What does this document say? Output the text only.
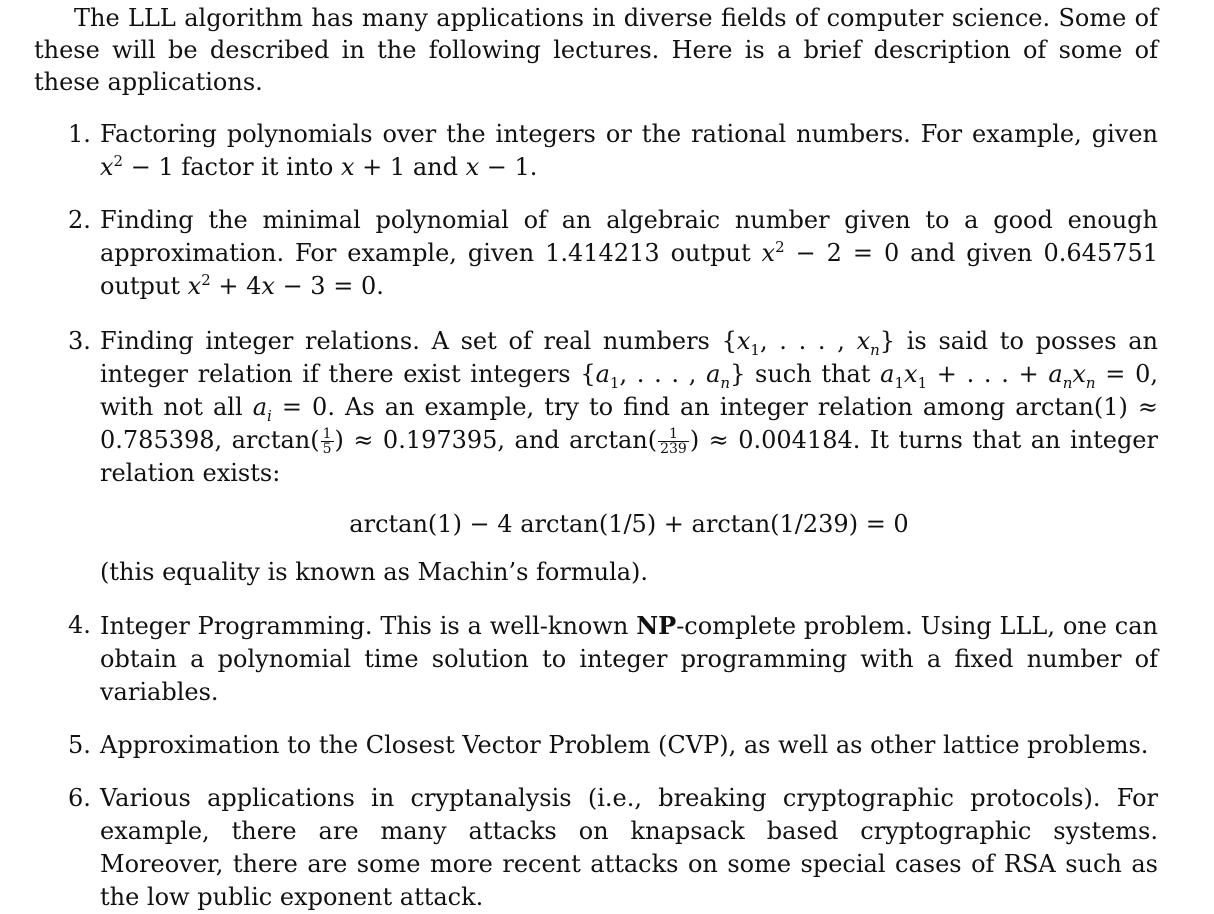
The LLL algorithm has many applications in diverse fields of computer science. Some of these will be described in the following lectures. Here is a brief description of some of these applications.

1. Factoring polynomials over the integers or the rational numbers. For example, given $x^2 - 1$ factor it into x + 1 and x − 1.
2. Finding the minimal polynomial of an algebraic number given to a good enough approximation. For example, given 1.414213 output $x^2 - 2 = 0$ and given 0.645751 output $x^2 + 4x - 3 = 0$.
3. Finding integer relations. A set of real numbers {$x_1$, . . . , $x_n$} is said to posses an integer relation if there exist integers {$a_1$, . . . , $a_n$} such that $a_1x_1$ + . . . + $a_nx_n = 0$, with not all $a_i = 0$. As an example, try to find an integer relation among arctan(1) ≈ 0.785398, $\arctan( \frac{1}{5}$ ) ≈ 0.197395, and $\arctan( \frac{1}{239}$ ) ≈ 0.004184. It turns that an integer relation exists:
arctan(1) − 4 arctan(1/5) + arctan(1/239) = 0
(this equality is known as Machin’s formula).
4. Integer Programming. This is a well-known NP-complete problem. Using LLL, one can obtain a polynomial time solution to integer programming with a fixed number of variables.
5. Approximation to the Closest Vector Problem (CVP), as well as other lattice problems.
6. Various applications in cryptanalysis (i.e., breaking cryptographic protocols). For example, there are many attacks on knapsack based cryptographic systems. Moreover, there are some more recent attacks on some special cases of RSA such as the low public exponent attack.
